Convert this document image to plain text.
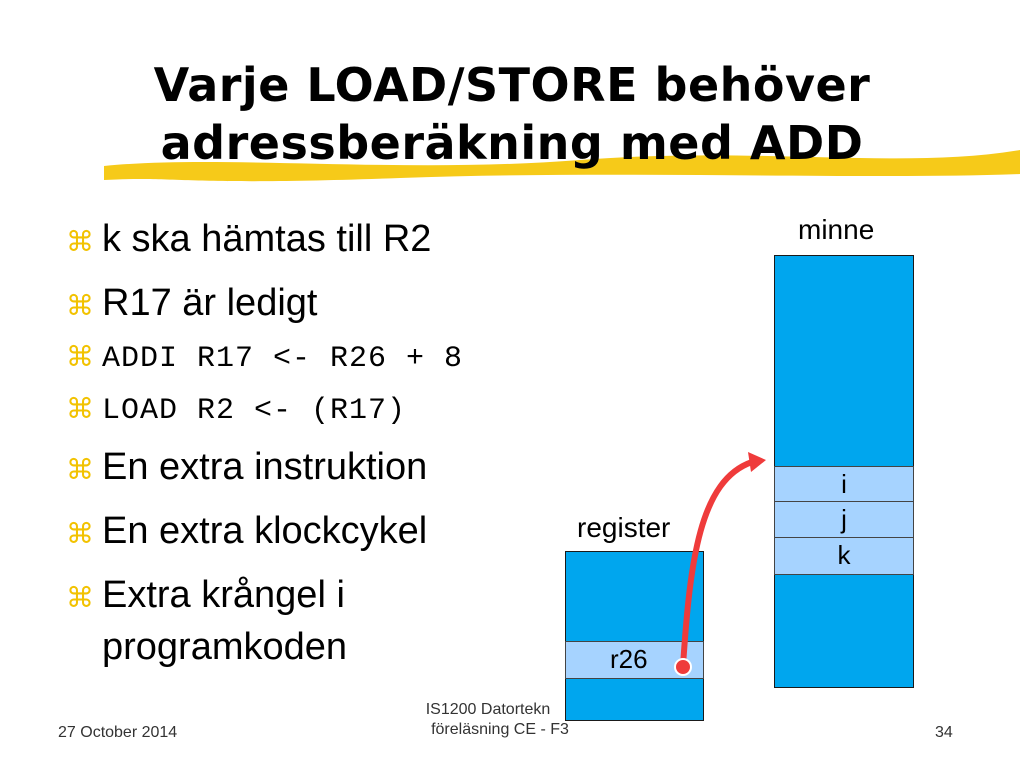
Varje LOAD/STORE behöver
adressberäkning med ADD
⌘ k ska hämtas till R2
⌘ R17 är ledigt
⌘ ADDI R17 <- R26 + 8
⌘ LOAD R2 <- (R17)
⌘ En extra instruktion
⌘ En extra klockcykel
⌘ Extra krångel i
programkoden
minne
i
j
k
register
r26
27 October 2014
IS1200 Datortekn
föreläsning CE - F3	34
